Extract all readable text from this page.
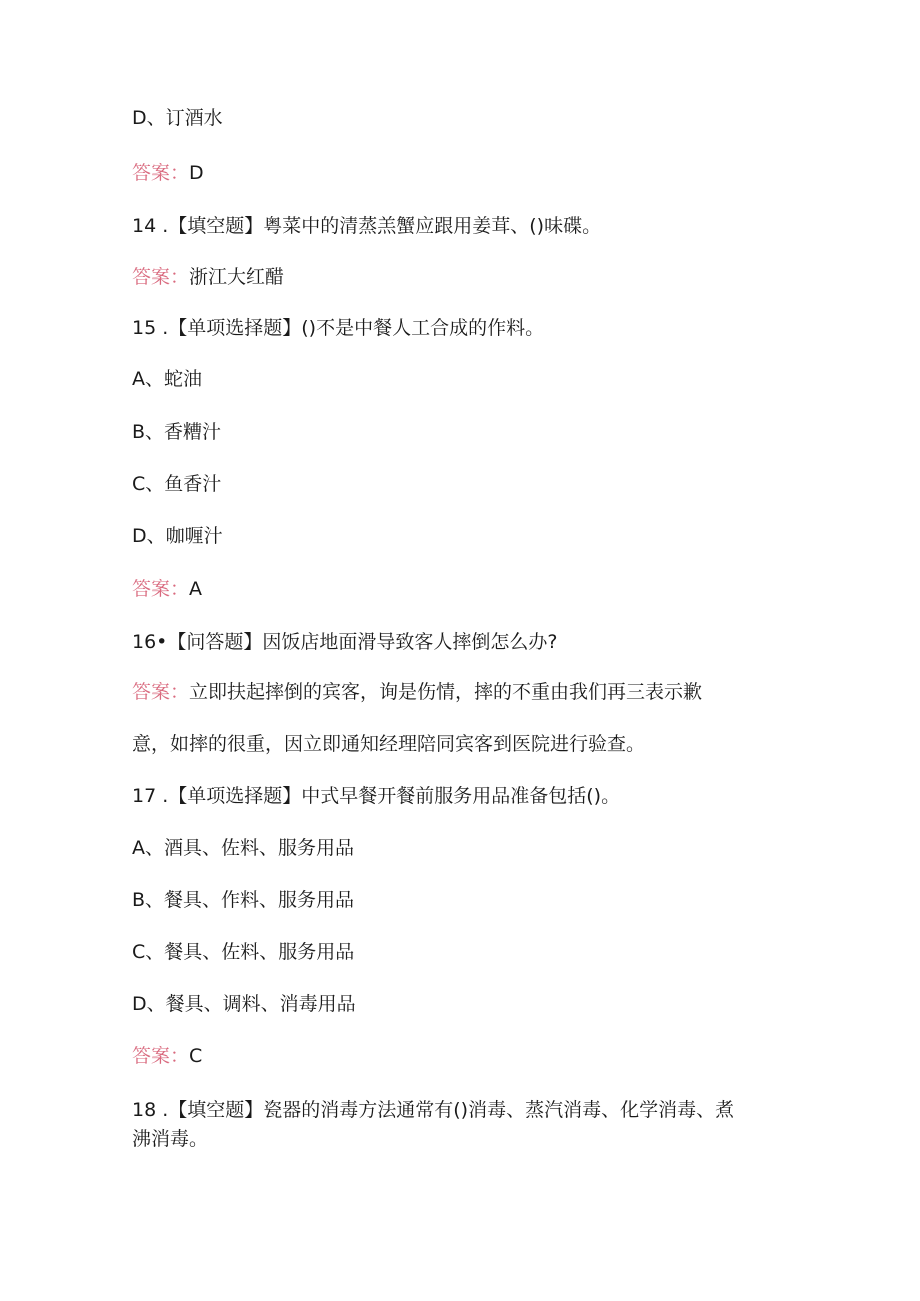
D、订酒水
答案：D
14 .【填空题】粤菜中的清蒸羔蟹应跟用姜茸、()味碟。
答案：浙江大红醋
15 .【单项选择题】()不是中餐人工合成的作料。
A、蛇油
B、香糟汁
C、鱼香汁
D、咖喱汁
答案：A
16•【问答题】因饭店地面滑导致客人摔倒怎么办?
答案：立即扶起摔倒的宾客，询是伤情，摔的不重由我们再三表示歉
意，如摔的很重，因立即通知经理陪同宾客到医院进行验查。
17 .【单项选择题】中式早餐开餐前服务用品准备包括()。
A、酒具、佐料、服务用品
B、餐具、作料、服务用品
C、餐具、佐料、服务用品
D、餐具、调料、消毒用品
答案：C
18 .【填空题】瓷器的消毒方法通常有()消毒、蒸汽消毒、化学消毒、煮
沸消毒。
